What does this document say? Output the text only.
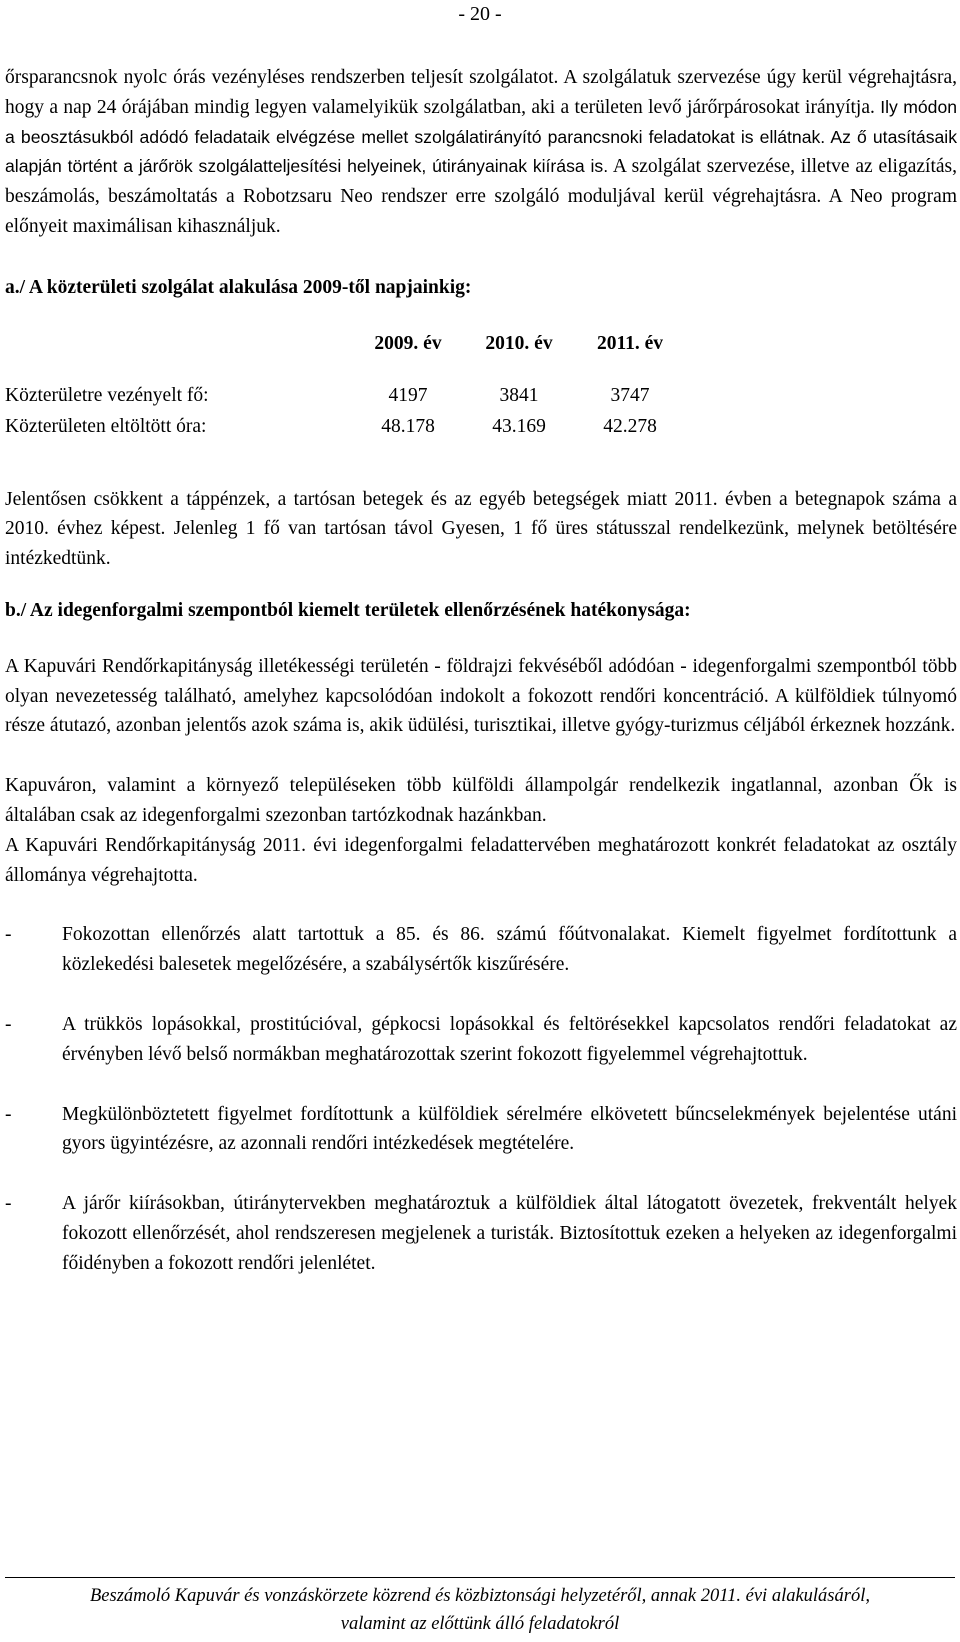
- 20 -

őrsparancsnok nyolc órás vezényléses rendszerben teljesít szolgálatot. A szolgálatuk szervezése úgy kerül végrehajtásra, hogy a nap 24 órájában mindig legyen valamelyikük szolgálatban, aki a területen levő járőrpárosokat irányítja. Ily módon a beosztásukból adódó feladataik elvégzése mellet szolgálatirányító parancsnoki feladatokat is ellátnak. Az ő utasításaik alapján történt a járőrök szolgálatteljesítési helyeinek, útirányainak kiírása is. A szolgálat szervezése, illetve az eligazítás, beszámolás, beszámoltatás a Robotzsaru Neo rendszer erre szolgáló moduljával kerül végrehajtásra. A Neo program előnyeit maximálisan kihasználjuk.

a./ A közterületi szolgálat alakulása 2009-től napjainkig:

2009. év	2010. év	2011. év
Közterületre vezényelt fő:	4197	3841	3747
Közterületen eltöltött óra:	48.178	43.169	42.278

Jelentősen csökkent a táppénzek, a tartósan betegek és az egyéb betegségek miatt 2011. évben a betegnapok száma a 2010. évhez képest. Jelenleg 1 fő van tartósan távol Gyesen, 1 fő üres státusszal rendelkezünk, melynek betöltésére intézkedtünk.

b./ Az idegenforgalmi szempontból kiemelt területek ellenőrzésének hatékonysága:

A Kapuvári Rendőrkapitányság illetékességi területén - földrajzi fekvéséből adódóan - idegenforgalmi szempontból több olyan nevezetesség található, amelyhez kapcsolódóan indokolt a fokozott rendőri koncentráció. A külföldiek túlnyomó része átutazó, azonban jelentős azok száma is, akik üdülési, turisztikai, illetve gyógy-turizmus céljából érkeznek hozzánk.

Kapuváron, valamint a környező településeken több külföldi állampolgár rendelkezik ingatlannal, azonban Ők is általában csak az idegenforgalmi szezonban tartózkodnak hazánkban.

A Kapuvári Rendőrkapitányság 2011. évi idegenforgalmi feladattervében meghatározott konkrét feladatokat az osztály állománya végrehajtotta.

-	Fokozottan ellenőrzés alatt tartottuk a 85. és 86. számú főútvonalakat. Kiemelt figyelmet fordítottunk a közlekedési balesetek megelőzésére, a szabálysértők kiszűrésére.

-	A trükkös lopásokkal, prostitúcióval, gépkocsi lopásokkal és feltörésekkel kapcsolatos rendőri feladatokat az érvényben lévő belső normákban meghatározottak szerint fokozott figyelemmel végrehajtottuk.

-	Megkülönböztetett figyelmet fordítottunk a külföldiek sérelmére elkövetett bűncselekmények bejelentése utáni gyors ügyintézésre, az azonnali rendőri intézkedések megtételére.

-	A járőr kiírásokban, útiránytervekben meghatároztuk a külföldiek által látogatott övezetek, frekventált helyek fokozott ellenőrzését, ahol rendszeresen megjelenek a turisták. Biztosítottuk ezeken a helyeken az idegenforgalmi főidényben a fokozott rendőri jelenlétet.

Beszámoló Kapuvár és vonzáskörzete közrend és közbiztonsági helyzetéről, annak 2011. évi alakulásáról,
valamint az előttünk álló feladatokról
